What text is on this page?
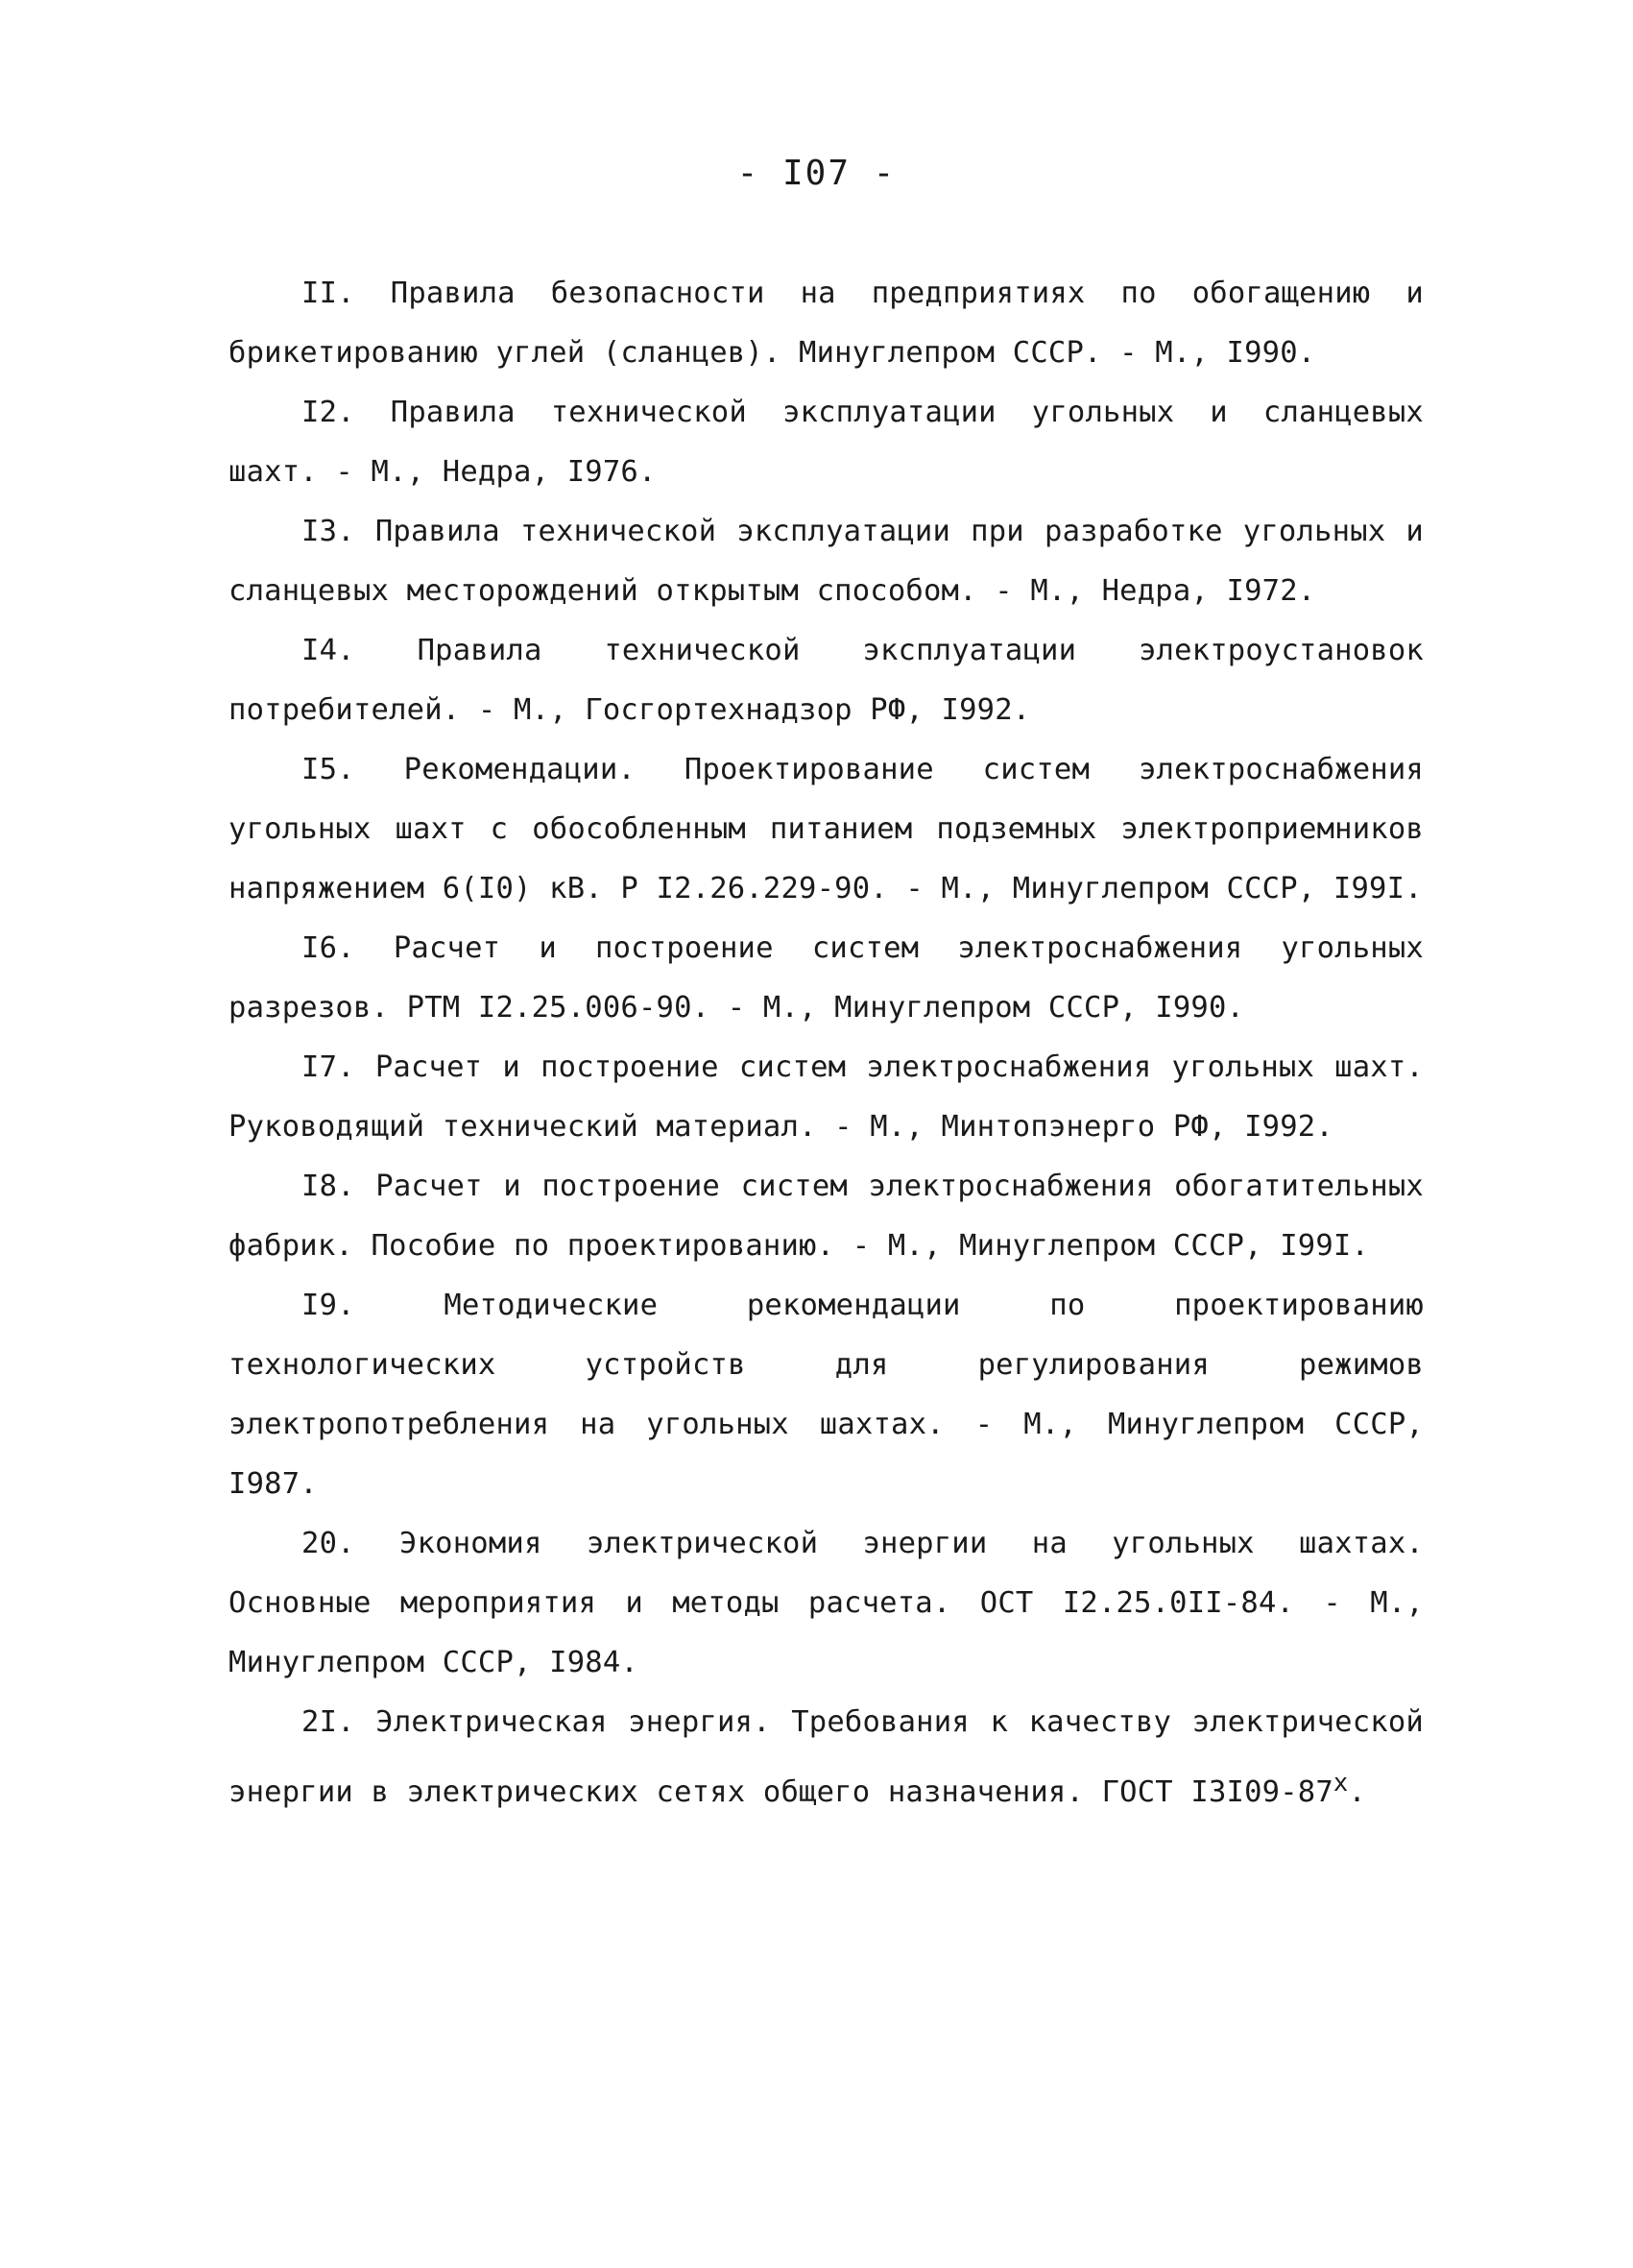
- I07 -
II. Правила безопасности на предприятиях по обогащению и брикетированию углей (сланцев). Минуглепром СССР. - М., I990.
I2. Правила технической эксплуатации угольных и сланцевых шахт. - М., Недра, I976.
I3. Правила технической эксплуатации при разработке угольных и сланцевых месторождений открытым способом. - М., Недра, I972.
I4. Правила технической эксплуатации электроустановок потребителей. - М., Госгортехнадзор РФ, I992.
I5. Рекомендации. Проектирование систем электроснабжения угольных шахт с обособленным питанием подземных электроприемников напряжением 6(I0) кВ. Р I2.26.229-90. - М., Минуглепром СССР, I99I.
I6. Расчет и построение систем электроснабжения угольных разрезов. РТМ I2.25.006-90. - М., Минуглепром СССР, I990.
I7. Расчет и построение систем электроснабжения угольных шахт. Руководящий технический материал. - М., Минтопэнерго РФ, I992.
I8. Расчет и построение систем электроснабжения обогатительных фабрик. Пособие по проектированию. - М., Минуглепром СССР, I99I.
I9.	Методические рекомендации по проектированию технологических устройств для регулирования режимов электропотребления на угольных шахтах. - М., Минуглепром СССР, I987.
20. Экономия электрической энергии на угольных шахтах. Основные мероприятия и методы расчета. ОСТ I2.25.0II-84. - М., Минуглепром СССР, I984.
2I. Электрическая энергия. Требования к качеству электрической энергии в электрических сетях общего назначения. ГОСТ $I3I09-87^х$.
